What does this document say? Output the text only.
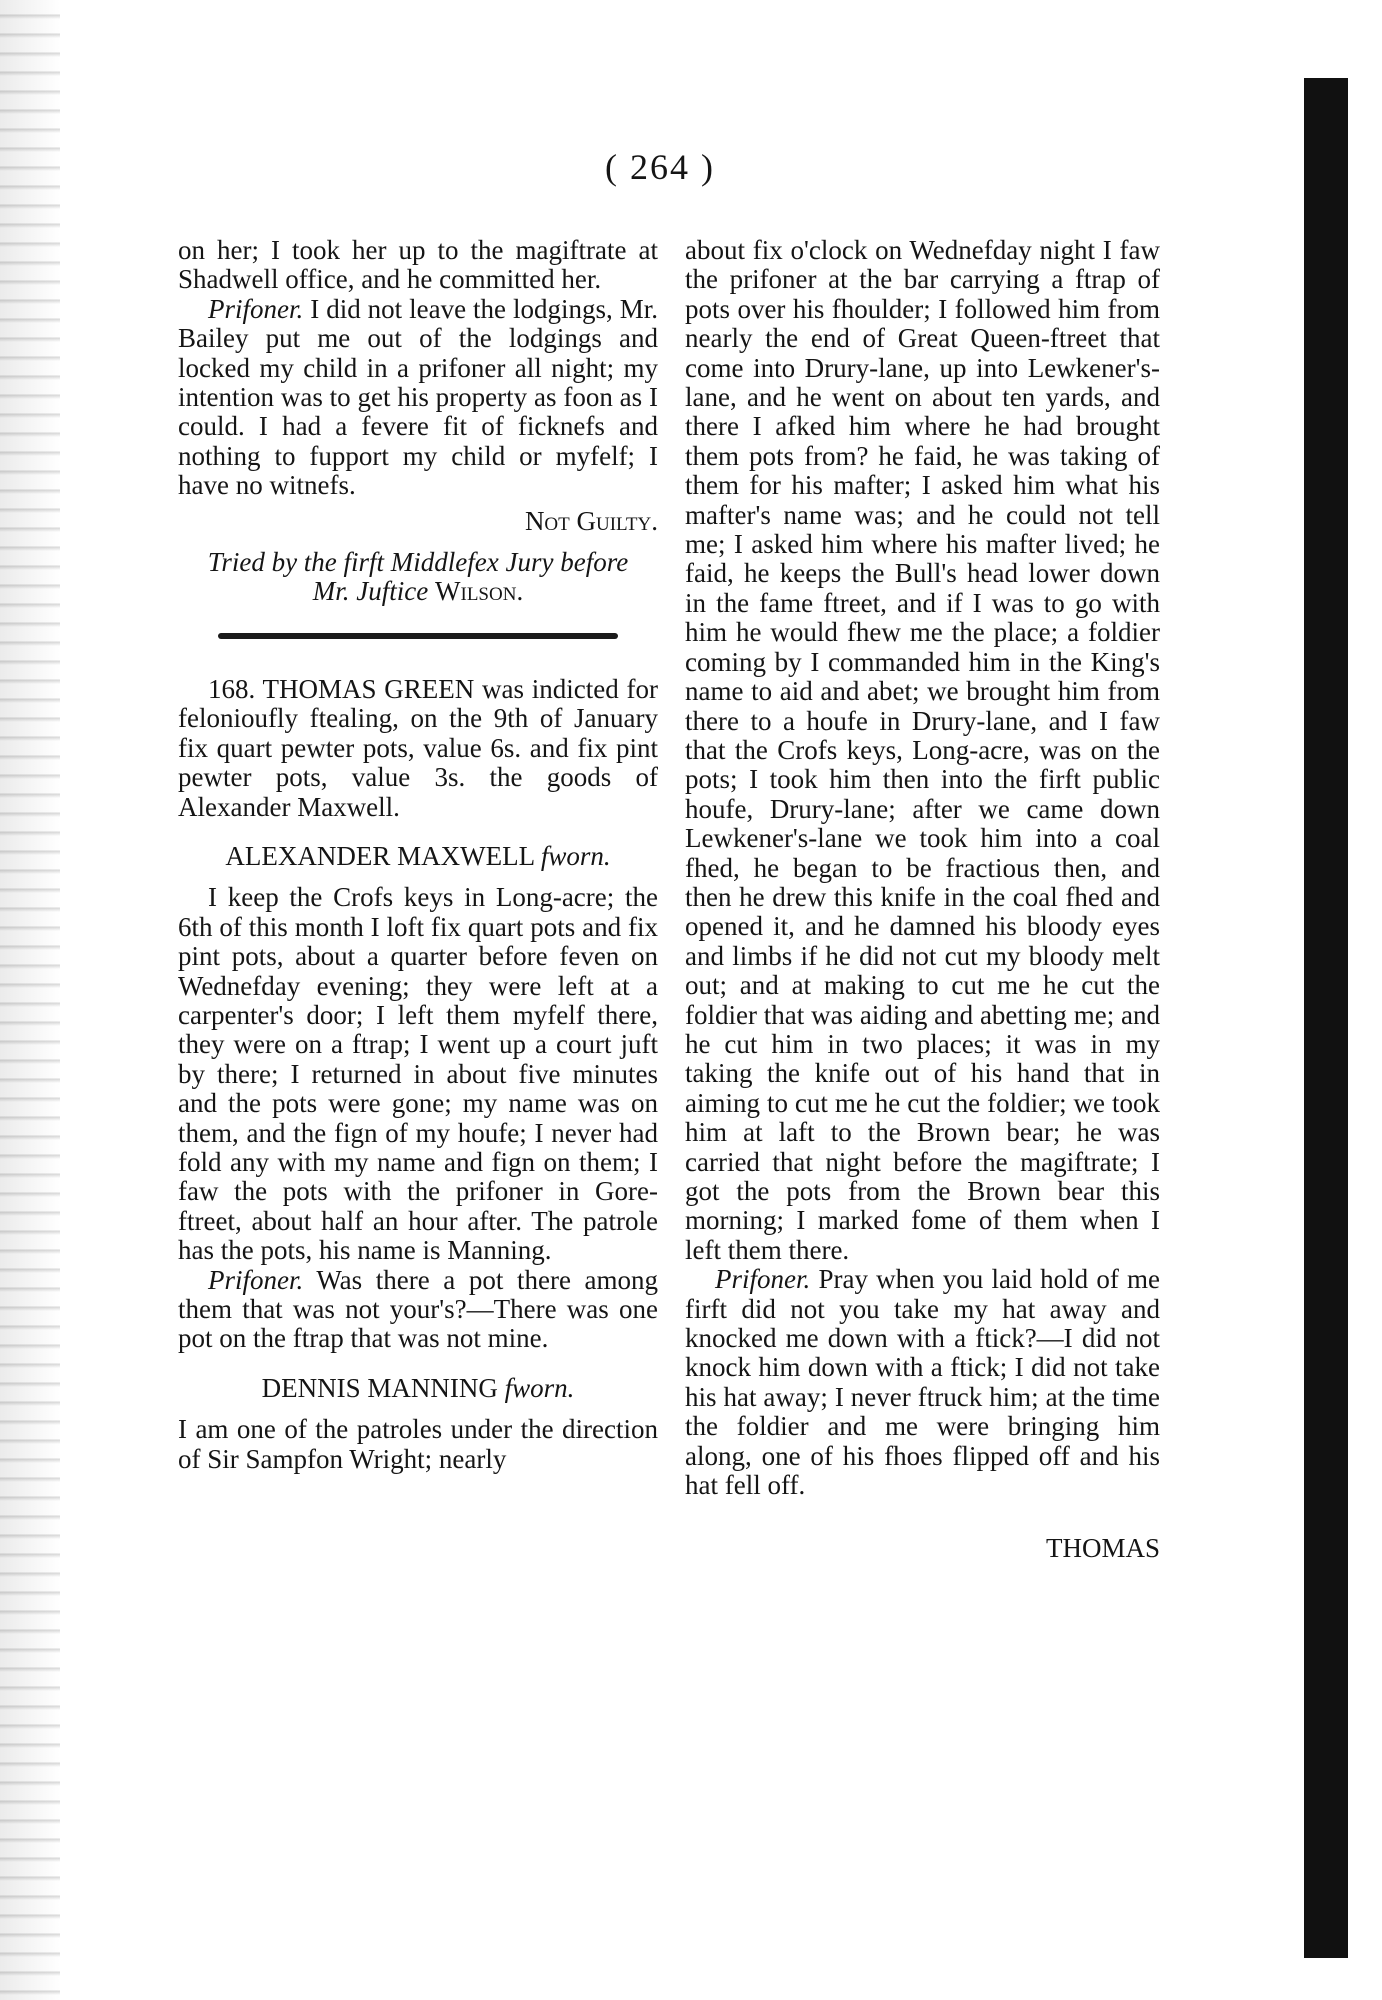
( 264 )

on her; I took her up to the magiftrate at Shadwell office, and he committed her.

Prifoner. I did not leave the lodgings, Mr. Bailey put me out of the lodgings and locked my child in a prifoner all night; my intention was to get his property as foon as I could. I had a fevere fit of ficknefs and nothing to fupport my child or myfelf; I have no witnefs.

Not Guilty.

Tried by the firft Middlefex Jury before

Mr. Juftice Wilson.

168. THOMAS GREEN was indicted for felonioufly ftealing, on the 9th of January fix quart pewter pots, value 6s. and fix pint pewter pots, value 3s. the goods of Alexander Maxwell.

ALEXANDER MAXWELL fworn.

I keep the Crofs keys in Long-acre; the 6th of this month I loft fix quart pots and fix pint pots, about a quarter before feven on Wednefday evening; they were left at a carpenter's door; I left them myfelf there, they were on a ftrap; I went up a court juft by there; I returned in about five minutes and the pots were gone; my name was on them, and the fign of my houfe; I never had fold any with my name and fign on them; I faw the pots with the prifoner in Gore-ftreet, about half an hour after. The patrole has the pots, his name is Manning.

Prifoner. Was there a pot there among them that was not your's?—There was one pot on the ftrap that was not mine.

DENNIS MANNING fworn.

I am one of the patroles under the direction of Sir Sampfon Wright; nearly

about fix o'clock on Wednefday night I faw the prifoner at the bar carrying a ftrap of pots over his fhoulder; I followed him from nearly the end of Great Queen-ftreet that come into Drury-lane, up into Lewkener's-lane, and he went on about ten yards, and there I afked him where he had brought them pots from? he faid, he was taking of them for his mafter; I asked him what his mafter's name was; and he could not tell me; I asked him where his mafter lived; he faid, he keeps the Bull's head lower down in the fame ftreet, and if I was to go with him he would fhew me the place; a foldier coming by I commanded him in the King's name to aid and abet; we brought him from there to a houfe in Drury-lane, and I faw that the Crofs keys, Long-acre, was on the pots; I took him then into the firft public houfe, Drury-lane; after we came down Lewkener's-lane we took him into a coal fhed, he began to be fractious then, and then he drew this knife in the coal fhed and opened it, and he damned his bloody eyes and limbs if he did not cut my bloody melt out; and at making to cut me he cut the foldier that was aiding and abetting me; and he cut him in two places; it was in my taking the knife out of his hand that in aiming to cut me he cut the foldier; we took him at laft to the Brown bear; he was carried that night before the magiftrate; I got the pots from the Brown bear this morning; I marked fome of them when I left them there.

Prifoner. Pray when you laid hold of me firft did not you take my hat away and knocked me down with a ftick?—I did not knock him down with a ftick; I did not take his hat away; I never ftruck him; at the time the foldier and me were bringing him along, one of his fhoes flipped off and his hat fell off.

THOMAS
